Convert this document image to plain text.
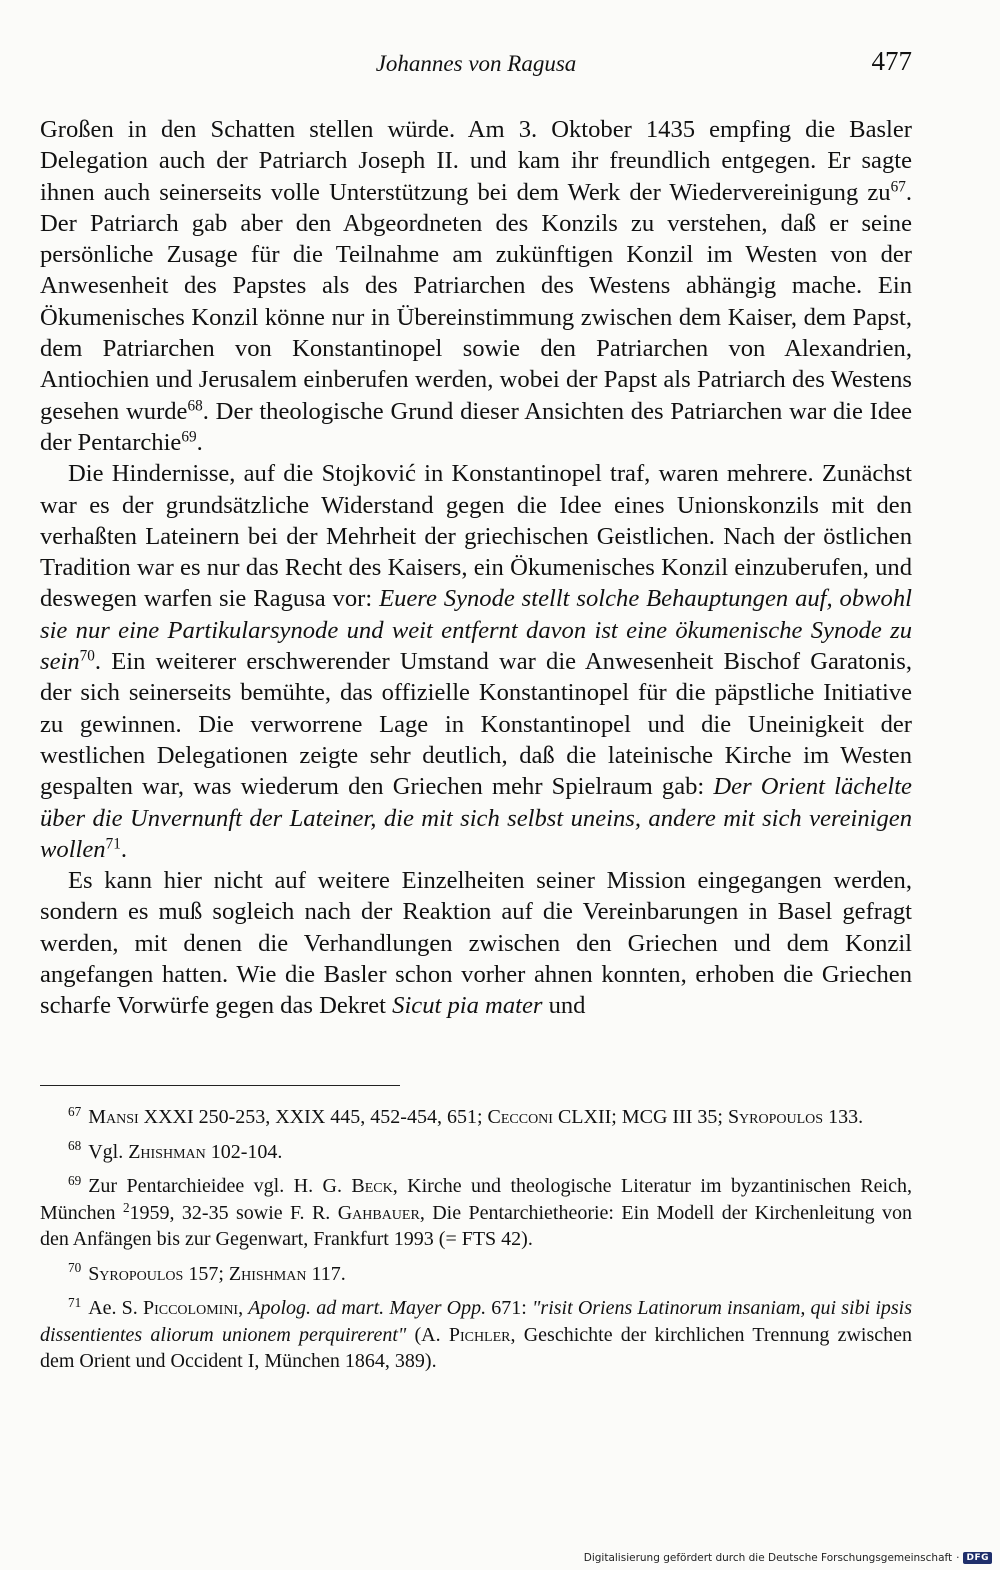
Johannes von Ragusa	477

Großen in den Schatten stellen würde. Am 3. Oktober 1435 empfing die Basler Delegation auch der Patriarch Joseph II. und kam ihr freundlich entgegen. Er sagte ihnen auch seinerseits volle Unterstützung bei dem Werk der Wiedervereinigung $zu^{67}$. Der Patriarch gab aber den Abgeordneten des Konzils zu verstehen, daß er seine persönliche Zusage für die Teilnahme am zukünftigen Konzil im Westen von der Anwesenheit des Papstes als des Patriarchen des Westens abhängig mache. Ein Ökumenisches Konzil könne nur in Übereinstimmung zwischen dem Kaiser, dem Papst, dem Patriarchen von Konstantinopel sowie den Patriarchen von Alexandrien, Antiochien und Jerusalem einberufen werden, wobei der Papst als Patriarch des Westens gesehen wurde$^{68}$. Der theologische Grund dieser Ansichten des Patriarchen war die Idee der Pentarchie$^{69}$.

Die Hindernisse, auf die Stojković in Konstantinopel traf, waren mehrere. Zunächst war es der grundsätzliche Widerstand gegen die Idee eines Unionskonzils mit den verhaßten Lateinern bei der Mehrheit der griechischen Geistlichen. Nach der östlichen Tradition war es nur das Recht des Kaisers, ein Ökumenisches Konzil einzuberufen, und deswegen warfen sie Ragusa vor: Euere Synode stellt solche Behauptungen auf, obwohl sie nur eine Partikularsynode und weit entfernt davon ist eine ökumenische Synode zu sein$^{70}$. Ein weiterer erschwerender Umstand war die Anwesenheit Bischof Garatonis, der sich seinerseits bemühte, das offizielle Konstantinopel für die päpstliche Initiative zu gewinnen. Die verworrene Lage in Konstantinopel und die Uneinigkeit der westlichen Delegationen zeigte sehr deutlich, daß die lateinische Kirche im Westen gespalten war, was wiederum den Griechen mehr Spielraum gab: Der Orient lächelte über die Unvernunft der Lateiner, die mit sich selbst uneins, andere mit sich vereinigen wollen$^{71}$.

Es kann hier nicht auf weitere Einzelheiten seiner Mission eingegangen werden, sondern es muß sogleich nach der Reaktion auf die Vereinbarungen in Basel gefragt werden, mit denen die Verhandlungen zwischen den Griechen und dem Konzil angefangen hatten. Wie die Basler schon vorher ahnen konnten, erhoben die Griechen scharfe Vorwürfe gegen das Dekret Sicut pia mater und

$^{67}$ Mansi XXXI 250-253, XXIX 445, 452-454, 651; Cecconi CLXII; MCG III 35; Syropoulos 133.

$^{68}$ Vgl. Zhishman 102-104.

$^{69}$ Zur Pentarchieidee vgl. H. G. Beck, Kirche und theologische Literatur im byzantinischen Reich, München $^2$1959, 32-35 sowie F. R. Gahbauer, Die Pentarchietheorie: Ein Modell der Kirchenleitung von den Anfängen bis zur Gegenwart, Frankfurt 1993 (= FTS 42).

$^{70}$ Syropoulos 157; Zhishman 117.

$^{71}$ Ae. S. Piccolomini, Apolog. ad mart. Mayer Opp. 671: "risit Oriens Latinorum insaniam, qui sibi ipsis dissentientes aliorum unionem perquirerent" (A. Pichler, Geschichte der kirchlichen Trennung zwischen dem Orient und Occident I, München 1864, 389).

Digitalisierung gefördert durch die Deutsche Forschungsgemeinschaft · DFG
